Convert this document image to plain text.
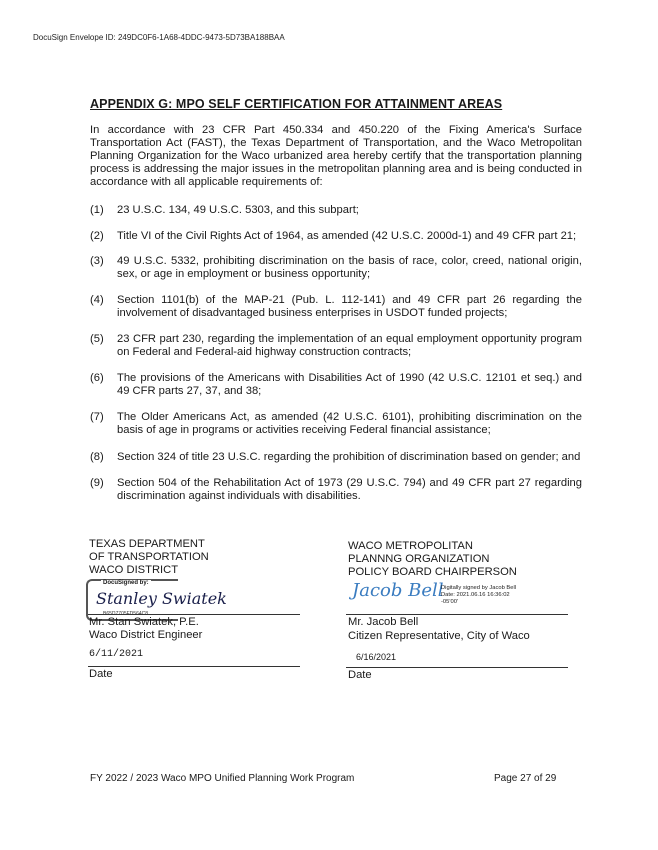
DocuSign Envelope ID: 249DC0F6-1A68-4DDC-9473-5D73BA188BAA
APPENDIX G: MPO SELF CERTIFICATION FOR ATTAINMENT AREAS
In accordance with 23 CFR Part 450.334 and 450.220 of the Fixing America's Surface Transportation Act (FAST), the Texas Department of Transportation, and the Waco Metropolitan Planning Organization for the Waco urbanized area hereby certify that the transportation planning process is addressing the major issues in the metropolitan planning area and is being conducted in accordance with all applicable requirements of:
(1) 23 U.S.C. 134, 49 U.S.C. 5303, and this subpart;
(2) Title VI of the Civil Rights Act of 1964, as amended (42 U.S.C. 2000d-1) and 49 CFR part 21;
(3) 49 U.S.C. 5332, prohibiting discrimination on the basis of race, color, creed, national origin, sex, or age in employment or business opportunity;
(4) Section 1101(b) of the MAP-21 (Pub. L. 112-141) and 49 CFR part 26 regarding the involvement of disadvantaged business enterprises in USDOT funded projects;
(5) 23 CFR part 230, regarding the implementation of an equal employment opportunity program on Federal and Federal-aid highway construction contracts;
(6) The provisions of the Americans with Disabilities Act of 1990 (42 U.S.C. 12101 et seq.) and 49 CFR parts 27, 37, and 38;
(7) The Older Americans Act, as amended (42 U.S.C. 6101), prohibiting discrimination on the basis of age in programs or activities receiving Federal financial assistance;
(8) Section 324 of title 23 U.S.C. regarding the prohibition of discrimination based on gender; and
(9) Section 504 of the Rehabilitation Act of 1973 (29 U.S.C. 794) and 49 CFR part 27 regarding discrimination against individuals with disabilities.
TEXAS DEPARTMENT
OF TRANSPORTATION
WACO DISTRICT
DocuSigned by:
Stanley Swiatek
B65D7705FD564C8
Mr. Stan Swiatek, P.E.
Waco District Engineer
6/11/2021
Date
WACO METROPOLITAN
PLANNNG ORGANIZATION
POLICY BOARD CHAIRPERSON
Jacob Bell
Digitally signed by Jacob Bell
Date: 2021.06.16 16:36:02
-05'00'
Mr. Jacob Bell
Citizen Representative, City of Waco
6/16/2021
Date
FY 2022 / 2023 Waco MPO Unified Planning Work Program	Page 27 of 29
